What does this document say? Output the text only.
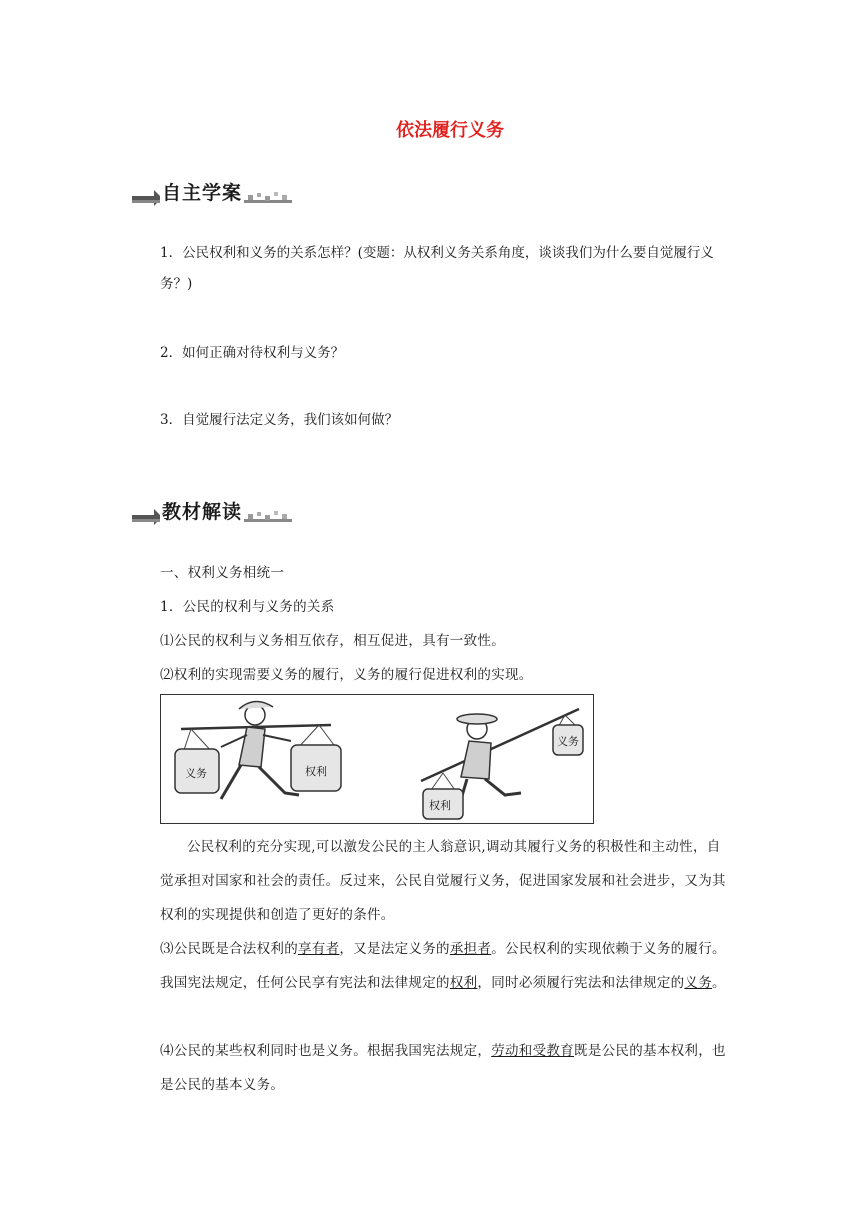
依法履行义务
自主学案
1．公民权利和义务的关系怎样？(变题：从权利义务关系角度，谈谈我们为什么要自觉履行义务？)
2．如何正确对待权利与义务？
3．自觉履行法定义务，我们该如何做？
教材解读
一、权利义务相统一
1．公民的权利与义务的关系
⑴公民的权利与义务相互依存，相互促进，具有一致性。
⑵权利的实现需要义务的履行，义务的履行促进权利的实现。
义务	权利
权利
义务
公民权利的充分实现,可以激发公民的主人翁意识,调动其履行义务的积极性和主动性，自觉承担对国家和社会的责任。反过来，公民自觉履行义务，促进国家发展和社会进步，又为其权利的实现提供和创造了更好的条件。
⑶公民既是合法权利的享有者，又是法定义务的承担者。公民权利的实现依赖于义务的履行。我国宪法规定，任何公民享有宪法和法律规定的权利，同时必须履行宪法和法律规定的义务。
⑷公民的某些权利同时也是义务。根据我国宪法规定，劳动和受教育既是公民的基本权利，也是公民的基本义务。
